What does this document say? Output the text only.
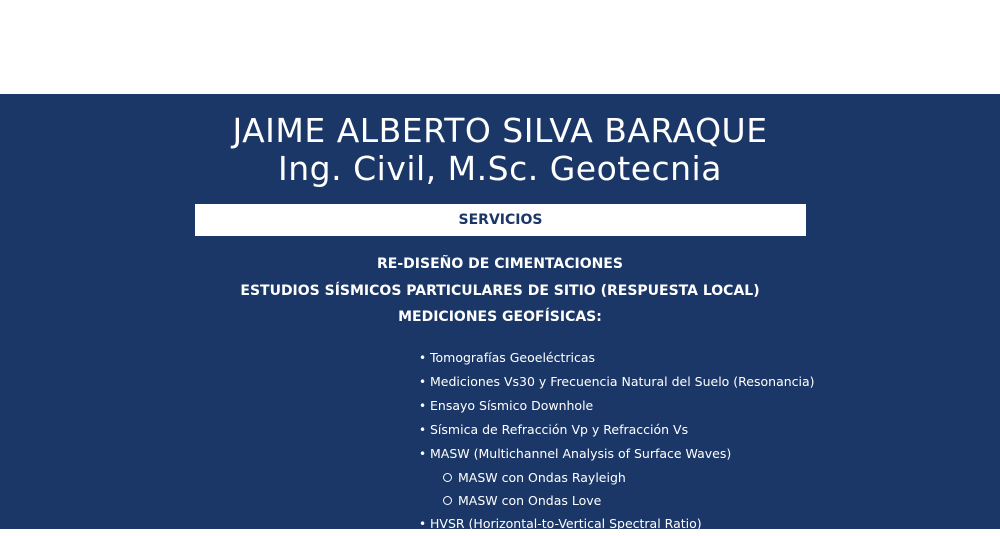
JAIME ALBERTO SILVA BARAQUE
Ing. Civil, M.Sc. Geotecnia
SERVICIOS
RE-DISEÑO DE CIMENTACIONES
ESTUDIOS SÍSMICOS PARTICULARES DE SITIO (RESPUESTA LOCAL)
MEDICIONES GEOFÍSICAS:
• Tomografías Geoeléctricas
• Mediciones Vs30 y Frecuencia Natural del Suelo (Resonancia)
• Ensayo Sísmico Downhole
• Sísmica de Refracción Vp y Refracción Vs
• MASW (Multichannel Analysis of Surface Waves)
MASW con Ondas Rayleigh
MASW con Ondas Love
• HVSR (Horizontal-to-Vertical Spectral Ratio)
